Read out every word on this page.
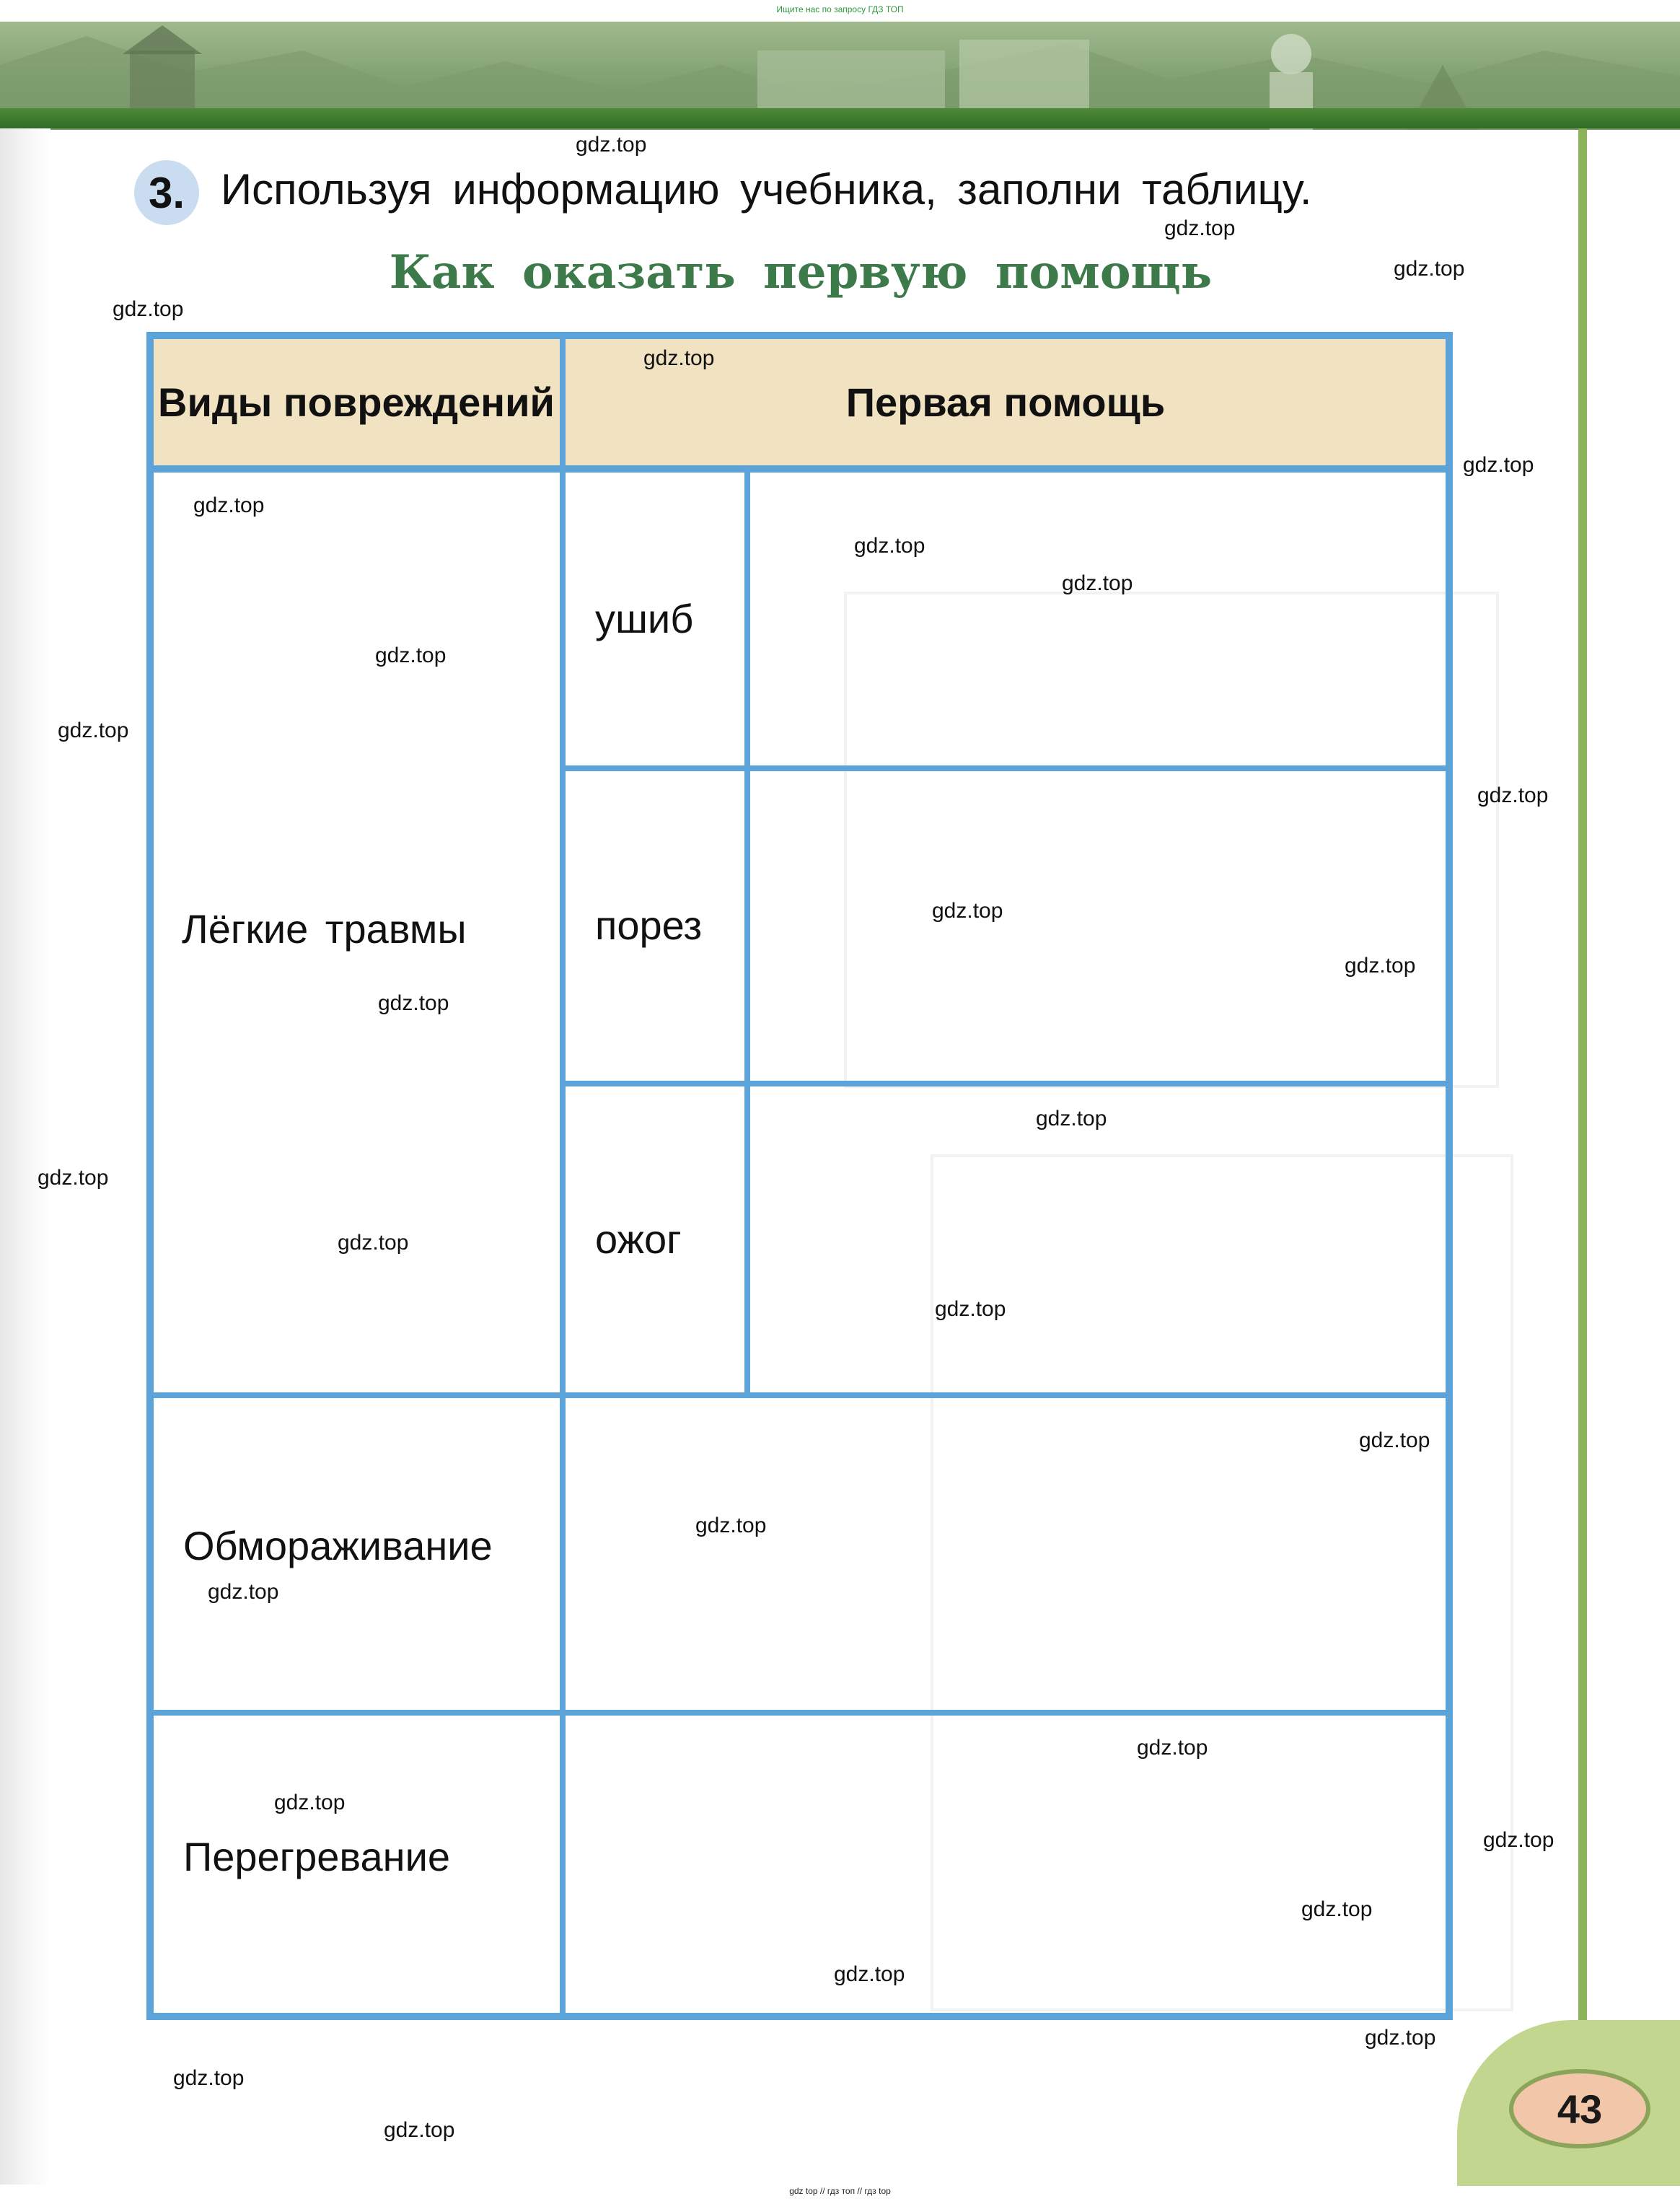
Ищите нас по запросу ГДЗ ТОП
43
3. Используя информацию учебника, заполни таблицу.
Как оказать первую помощь
Виды повреждений	Первая помощь
Лёгкие травмы
ушиб
порез
ожог
Обмораживание
Перегревание
gdz.top
gdz.top
gdz.top
gdz.top
gdz.top
gdz.top
gdz.top
gdz.top
gdz.top
gdz.top
gdz.top
gdz.top
gdz.top
gdz.top
gdz.top
gdz.top
gdz.top
gdz.top
gdz.top
gdz.top
gdz.top
gdz.top
gdz.top
gdz.top
gdz.top
gdz.top
gdz.top
gdz.top
gdz.top
gdz.top
gdz top // гдз топ // гдз top
